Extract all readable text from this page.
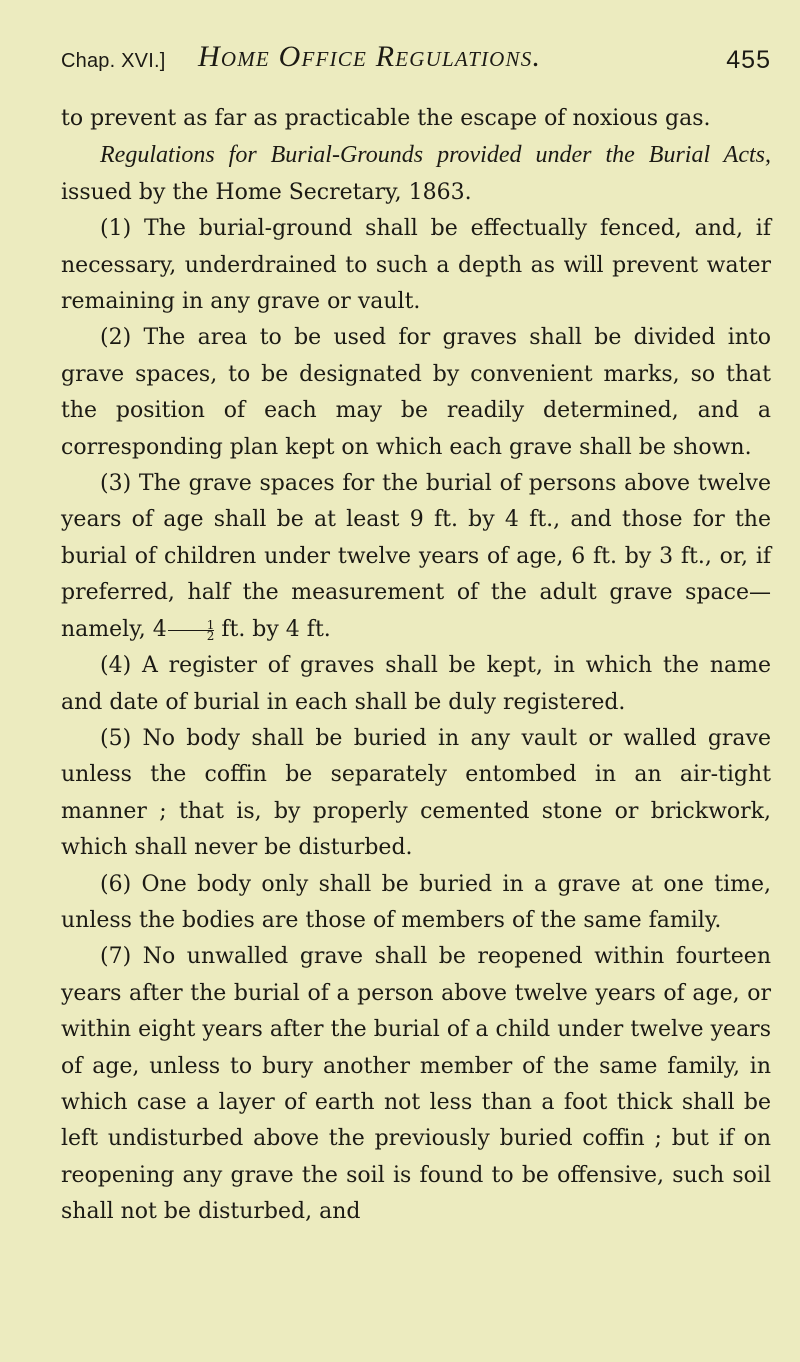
Chap. XVI.] Home Office Regulations.	455

to prevent as far as practicable the escape of noxious gas.

Regulations for Burial-Grounds provided under the Burial Acts, issued by the Home Secretary, 1863.

(1) The burial-ground shall be effectually fenced, and, if necessary, underdrained to such a depth as will prevent water remaining in any grave or vault.

(2) The area to be used for graves shall be divided into grave spaces, to be designated by convenient marks, so that the position of each may be readily determined, and a corresponding plan kept on which each grave shall be shown.

(3) The grave spaces for the burial of persons above twelve years of age shall be at least 9 ft. by 4 ft., and those for the burial of children under twelve years of age, 6 ft. by 3 ft., or, if preferred, half the measurement of the adult grave space—namely, $4 \frac{1}{2}$ ft. by 4 ft.

(4) A register of graves shall be kept, in which the name and date of burial in each shall be duly registered.

(5) No body shall be buried in any vault or walled grave unless the coffin be separately entombed in an air-tight manner ; that is, by properly cemented stone or brickwork, which shall never be disturbed.

(6) One body only shall be buried in a grave at one time, unless the bodies are those of members of the same family.

(7) No unwalled grave shall be reopened within fourteen years after the burial of a person above twelve years of age, or within eight years after the burial of a child under twelve years of age, unless to bury another member of the same family, in which case a layer of earth not less than a foot thick shall be left undisturbed above the previously buried coffin ; but if on reopening any grave the soil is found to be offensive, such soil shall not be disturbed, and
